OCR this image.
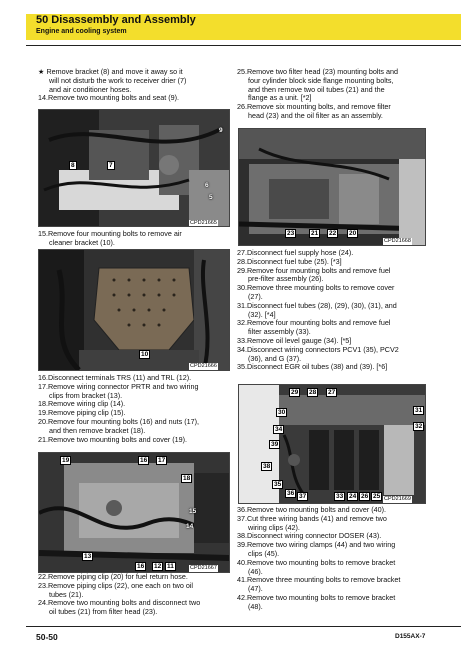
50 Disassembly and Assembly
Engine and cooling system
★ Remove bracket (8) and move it away so it
will not disturb the work to receiver drier (7)
and air conditioner hoses.
14.Remove two mounting bolts and seat (9).
8	7
9
6
5
CPD21665
15.Remove four mounting bolts to remove air
cleaner bracket (10).
10
CPD21666
16.Disconnect terminals TRS (11) and TRL (12).
17.Remove wiring connector PRTR and two wiring
clips from bracket (13).
18.Remove wiring clip (14).
19.Remove piping clip (15).
20.Remove four mounting bolts (16) and nuts (17),
and then remove bracket (18).
21.Remove two mounting bolts and cover (19).
19	16	17
18
15
14
13
16	12 11	CPD21667
22.Remove piping clip (20) for fuel return hose.
23.Remove piping clips (22), one each on two oil
tubes (21).
24.Remove two mounting bolts and disconnect two
oil tubes (21) from filter head (23).
25.Remove two filter head (23) mounting bolts and
four cylinder block side flange mounting bolts,
and then remove two oil tubes (21) and the
flange as a unit. [*2]
26.Remove six mounting bolts, and remove filter
head (23) and the oil filter as an assembly.
23	21	22	20
CPD21668
27.Disconnect fuel supply hose (24).
28.Disconnect fuel tube (25). [*3]
29.Remove four mounting bolts and remove fuel
pre-filter assembly (26).
30.Remove three mounting bolts to remove cover
(27).
31.Disconnect fuel tubes (28), (29), (30), (31), and
(32). [*4]
32.Remove four mounting bolts and remove fuel
filter assembly (33).
33.Remove oil level gauge (34). [*5]
34.Disconnect wiring connectors PCV1 (35), PCV2
(36), and G (37).
35.Disconnect EGR oil tubes (38) and (39). [*6]
29	28	27
30	31
34	32
39
38
35
36 37	33 24 26 25 CPD21669
36.Remove two mounting bolts and cover (40).
37.Cut three wiring bands (41) and remove two
wiring clips (42).
38.Disconnect wiring connector DOSER (43).
39.Remove two wiring clamps (44) and two wiring
clips (45).
40.Remove two mounting bolts to remove bracket
(46).
41.Remove three mounting bolts to remove bracket
(47).
42.Remove two mounting bolts to remove bracket
(48).
50-50	D155AX-7
